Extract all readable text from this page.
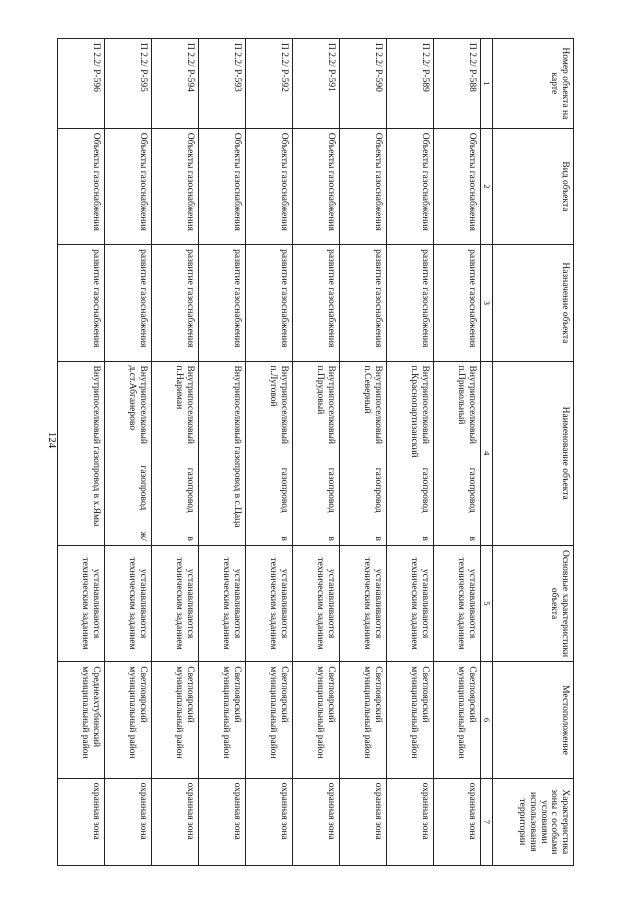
124
Номер объекта на карте	Вид объекта	Назначение объекта	Наименование объекта	Основные характеристики объекта	Местоположение	Характеристика зоны с особыми условиями использования территории
1	2	3	4	5	6	7
П 2.2/ Р-588	Объекты газоснабжения	развитие газоснабжения	Внутрипоселковый газопровод в п.Привольный	устанавливаются техническим заданием	Светлоярский муниципальный район	охранная зона
П 2.2/ Р-589	Объекты газоснабжения	развитие газоснабжения	Внутрипоселковый газопровод в п.Краснопартизанский	устанавливаются техническим заданием	Светлоярский муниципальный район	охранная зона
П 2.2/ Р-590	Объекты газоснабжения	развитие газоснабжения	Внутрипоселковый газопровод в п.Северный	устанавливаются техническим заданием	Светлоярский муниципальный район	охранная зона
П 2.2/ Р-591	Объекты газоснабжения	развитие газоснабжения	Внутрипоселковый газопровод в п.Прудовый	устанавливаются техническим заданием	Светлоярский муниципальный район	охранная зона
П 2.2/ Р-592	Объекты газоснабжения	развитие газоснабжения	Внутрипоселковый газопровод в п.Луговой	устанавливаются техническим заданием	Светлоярский муниципальный район	охранная зона
П 2.2/ Р-593	Объекты газоснабжения	развитие газоснабжения	Внутрипоселковый газопровод в с.Цаца	устанавливаются техническим заданием	Светлоярский муниципальный район	охранная зона
П 2.2/ Р-594	Объекты газоснабжения	развитие газоснабжения	Внутрипоселковый газопровод в п.Нариман	устанавливаются техническим заданием	Светлоярский муниципальный район	охранная зона
П 2.2/ Р-595	Объекты газоснабжения	развитие газоснабжения	Внутрипоселковый газопровод ж/д.ст.Абганерово	устанавливаются техническим заданием	Светлоярский муниципальный район	охранная зона
П 2.2/ Р-596	Объекты газоснабжения	развитие газоснабжения	Внутрипоселковый газопровод в х.Ямы	устанавливаются техническим заданием	Среднеахтубинский муниципальный район	охранная зона
